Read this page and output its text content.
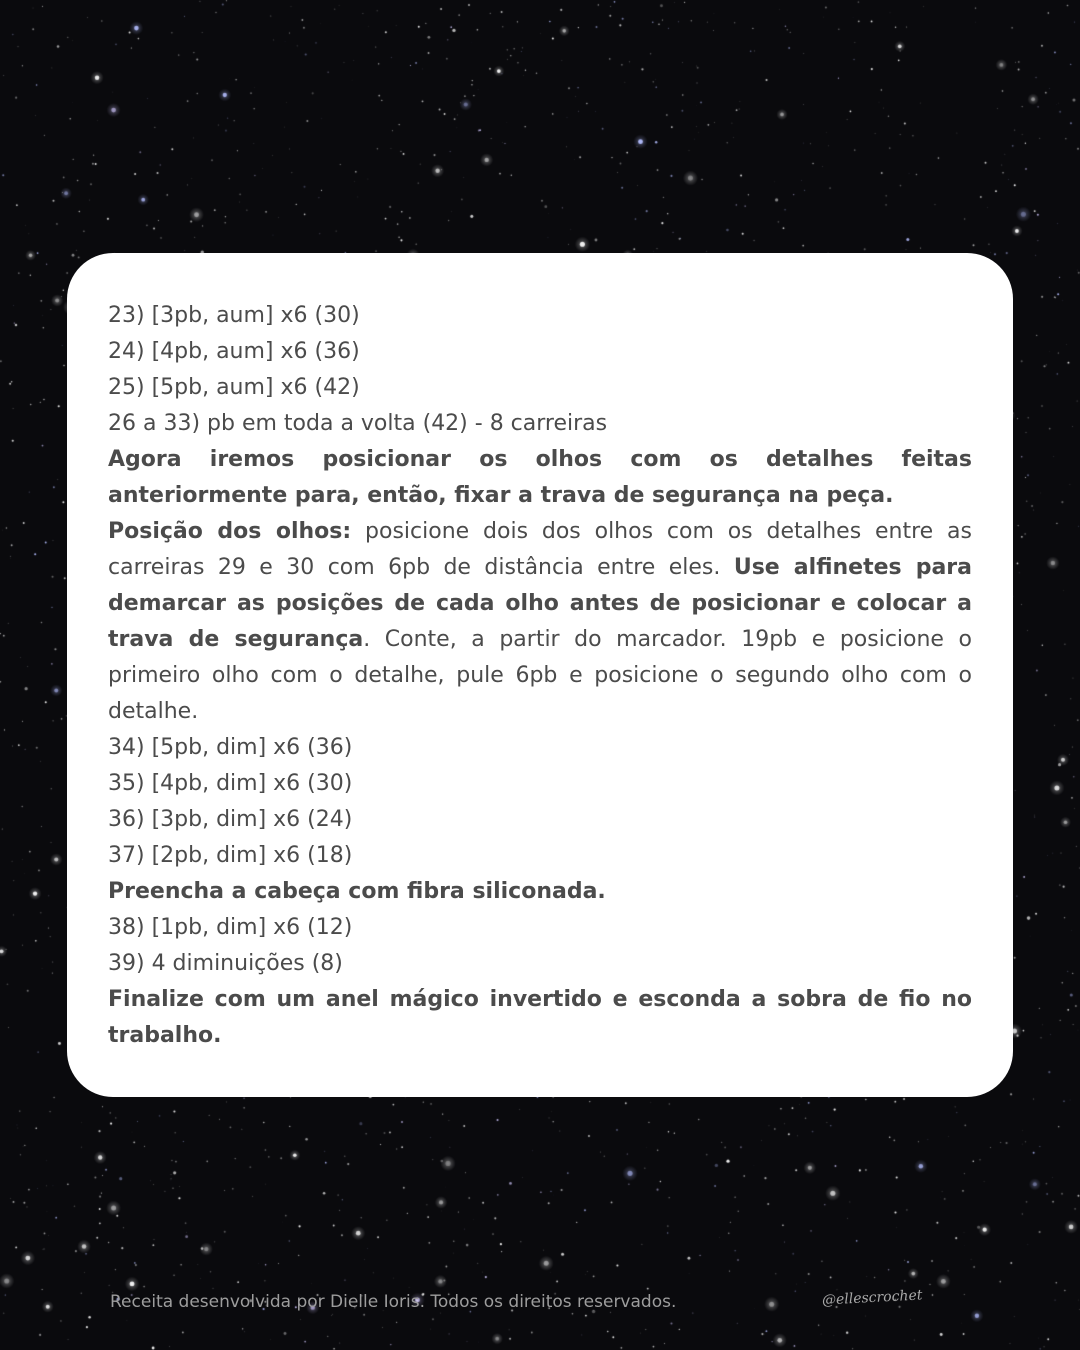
23) [3pb, aum] x6 (30)
24) [4pb, aum] x6 (36)
25) [5pb, aum] x6 (42)
26 a 33) pb em toda a volta (42) - 8 carreiras
Agora iremos posicionar os olhos com os detalhes feitas anteriormente para, então, fixar a trava de segurança na peça.
Posição dos olhos: posicione dois dos olhos com os detalhes entre as carreiras 29 e 30 com 6pb de distância entre eles. Use alfinetes para demarcar as posições de cada olho antes de posicionar e colocar a trava de segurança. Conte, a partir do marcador. 19pb e posicione o primeiro olho com o detalhe, pule 6pb e posicione o segundo olho com o detalhe.
34) [5pb, dim] x6 (36)
35) [4pb, dim] x6 (30)
36) [3pb, dim] x6 (24)
37) [2pb, dim] x6 (18)
Preencha a cabeça com fibra siliconada.
38) [1pb, dim] x6 (12)
39) 4 diminuições (8)
Finalize com um anel mágico invertido e esconda a sobra de fio no trabalho.
Receita desenvolvida por Dielle Ioris. Todos os direitos reservados.	@ellescrochet
